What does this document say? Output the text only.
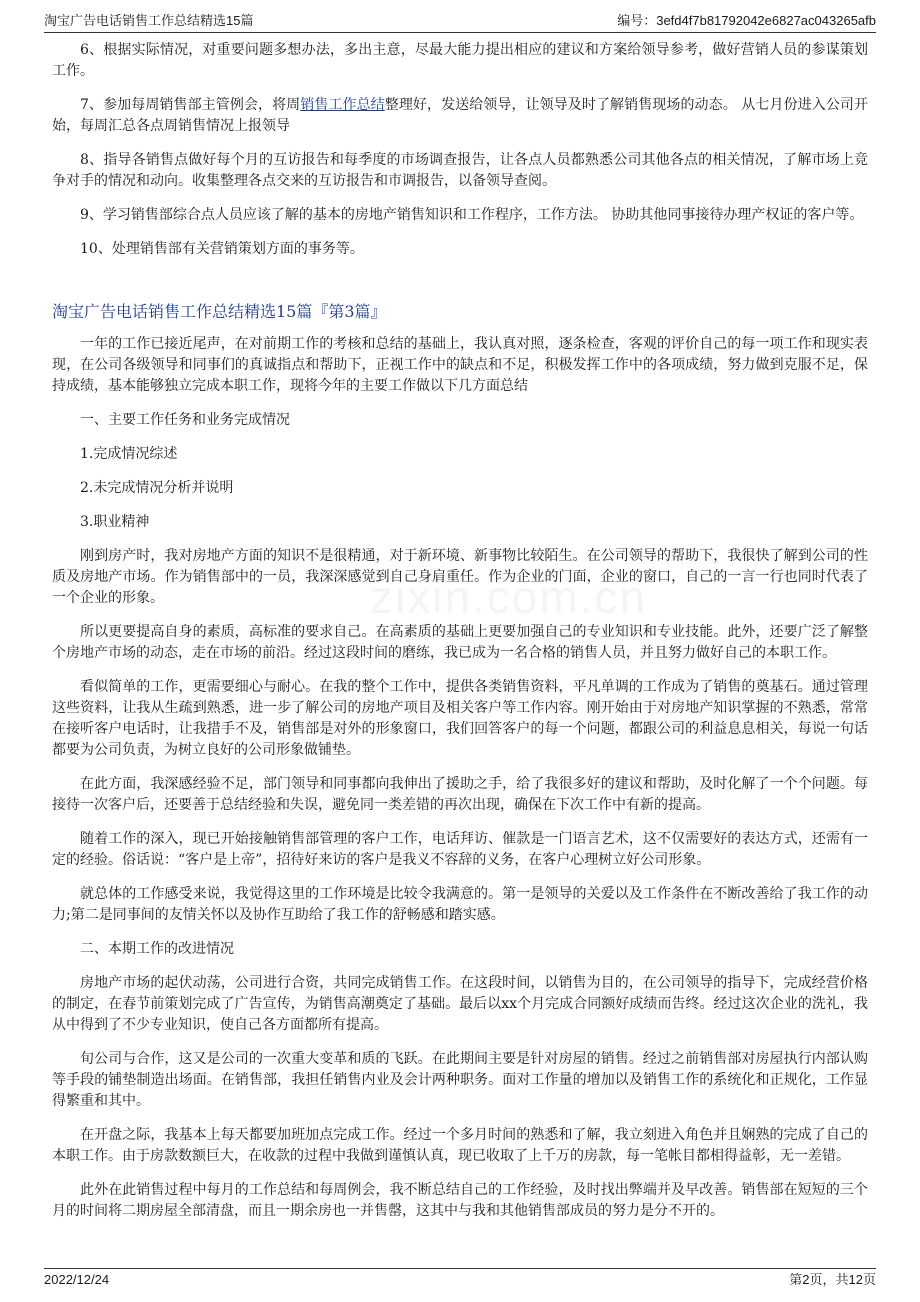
淘宝广告电话销售工作总结精选15篇	编号：3efd4f7b81792042e6827ac043265afb

6、根据实际情况，对重要问题多想办法，多出主意，尽最大能力提出相应的建议和方案给领导参考，做好营销人员的参谋策划工作。

7、参加每周销售部主管例会，将周销售工作总结整理好，发送给领导，让领导及时了解销售现场的动态。 从七月份进入公司开始，每周汇总各点周销售情况上报领导

8、指导各销售点做好每个月的互访报告和每季度的市场调查报告，让各点人员都熟悉公司其他各点的相关情况，了解市场上竞争对手的情况和动向。收集整理各点交来的互访报告和市调报告，以备领导查阅。

9、学习销售部综合点人员应该了解的基本的房地产销售知识和工作程序，工作方法。 协助其他同事接待办理产权证的客户等。

10、处理销售部有关营销策划方面的事务等。

淘宝广告电话销售工作总结精选15篇『第3篇』

一年的工作已接近尾声，在对前期工作的考核和总结的基础上，我认真对照，逐条检查，客观的评价自己的每一项工作和现实表现，在公司各级领导和同事们的真诚指点和帮助下，正视工作中的缺点和不足，积极发挥工作中的各项成绩，努力做到克服不足，保持成绩，基本能够独立完成本职工作，现将今年的主要工作做以下几方面总结

一、主要工作任务和业务完成情况

1.完成情况综述

2.未完成情况分析并说明

3.职业精神

刚到房产时，我对房地产方面的知识不是很精通，对于新环境、新事物比较陌生。在公司领导的帮助下，我很快了解到公司的性质及房地产市场。作为销售部中的一员，我深深感觉到自己身肩重任。作为企业的门面，企业的窗口，自己的一言一行也同时代表了一个企业的形象。

所以更要提高自身的素质，高标准的要求自己。在高素质的基础上更要加强自己的专业知识和专业技能。此外，还要广泛了解整个房地产市场的动态，走在市场的前沿。经过这段时间的磨练，我已成为一名合格的销售人员，并且努力做好自己的本职工作。

看似简单的工作，更需要细心与耐心。在我的整个工作中，提供各类销售资料，平凡单调的工作成为了销售的奠基石。通过管理这些资料，让我从生疏到熟悉，进一步了解公司的房地产项目及相关客户等工作内容。刚开始由于对房地产知识掌握的不熟悉，常常在接听客户电话时，让我措手不及，销售部是对外的形象窗口，我们回答客户的每一个问题，都跟公司的利益息息相关，每说一句话都要为公司负责，为树立良好的公司形象做铺垫。

在此方面，我深感经验不足，部门领导和同事都向我伸出了援助之手，给了我很多好的建议和帮助，及时化解了一个个问题。每接待一次客户后，还要善于总结经验和失误，避免同一类差错的再次出现，确保在下次工作中有新的提高。

随着工作的深入，现已开始接触销售部管理的客户工作，电话拜访、催款是一门语言艺术，这不仅需要好的表达方式，还需有一定的经验。俗话说：“客户是上帝”，招待好来访的客户是我义不容辞的义务，在客户心理树立好公司形象。

就总体的工作感受来说，我觉得这里的工作环境是比较令我满意的。第一是领导的关爱以及工作条件在不断改善给了我工作的动力;第二是同事间的友情关怀以及协作互助给了我工作的舒畅感和踏实感。

二、本期工作的改进情况

房地产市场的起伏动荡，公司进行合资，共同完成销售工作。在这段时间，以销售为目的，在公司领导的指导下，完成经营价格的制定，在春节前策划完成了广告宣传，为销售高潮奠定了基础。最后以xx个月完成合同额好成绩而告终。经过这次企业的洗礼，我从中得到了不少专业知识，使自己各方面都所有提高。

旬公司与合作，这又是公司的一次重大变革和质的飞跃。在此期间主要是针对房屋的销售。经过之前销售部对房屋执行内部认购等手段的铺垫制造出场面。在销售部，我担任销售内业及会计两种职务。面对工作量的增加以及销售工作的系统化和正规化，工作显得繁重和其中。

在开盘之际，我基本上每天都要加班加点完成工作。经过一个多月时间的熟悉和了解，我立刻进入角色并且娴熟的完成了自己的本职工作。由于房款数额巨大，在收款的过程中我做到谨慎认真，现已收取了上千万的房款，每一笔帐目都相得益彰，无一差错。

此外在此销售过程中每月的工作总结和每周例会，我不断总结自己的工作经验，及时找出弊端并及早改善。销售部在短短的三个月的时间将二期房屋全部清盘，而且一期余房也一并售罄，这其中与我和其他销售部成员的努力是分不开的。

2022/12/24	第2页，共12页
